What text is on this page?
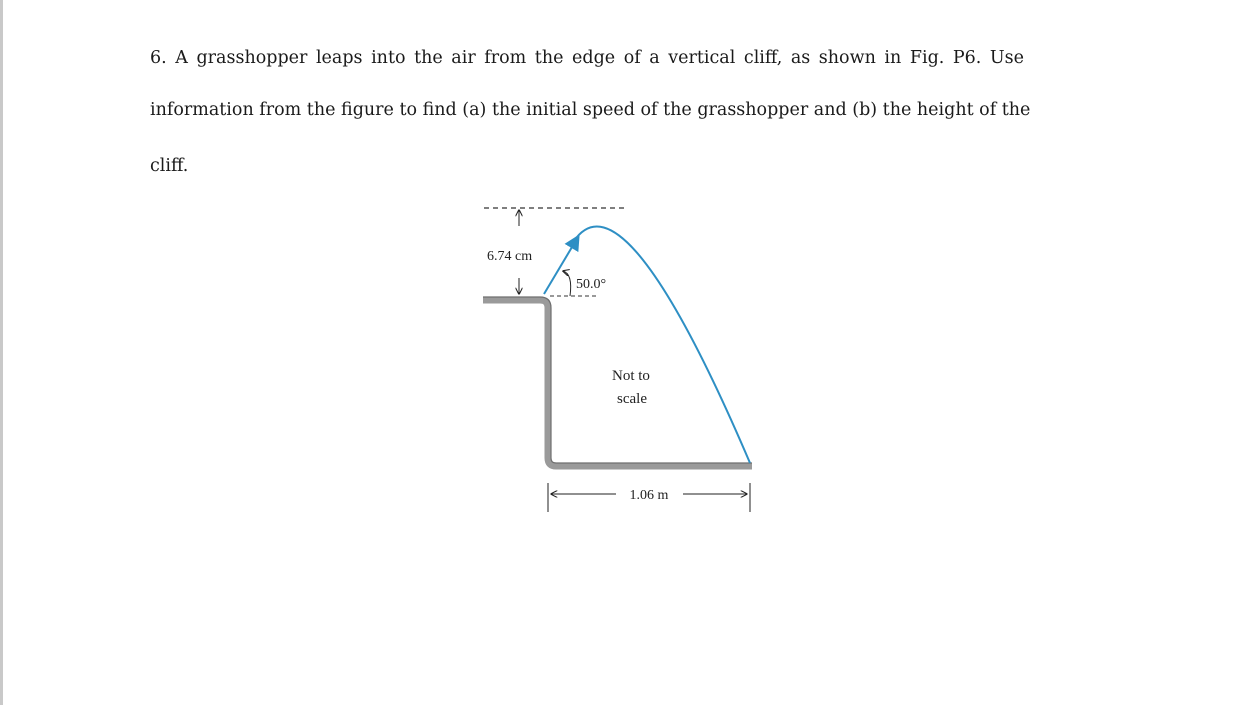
6. A grasshopper leaps into the air from the edge of a vertical cliff, as shown in Fig. P6. Use
information from the figure to find (a) the initial speed of the grasshopper and (b) the height of the
cliff.
6.74 cm
50.0°
Not to
scale
1.06 m
